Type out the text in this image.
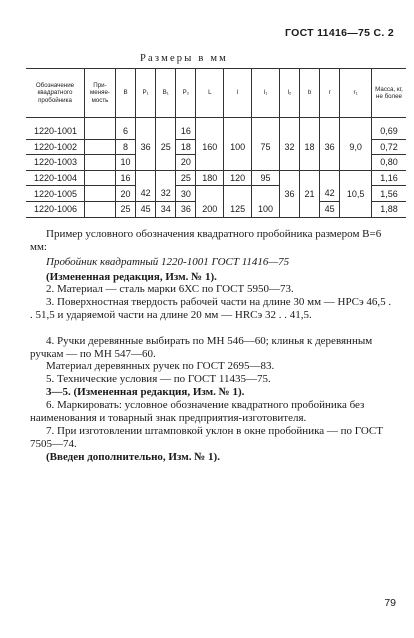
ГОСТ 11416—75 С. 2
Размеры в мм
Обозначение квадратного пробойника	При- меняе- мость	B	P₁	B₁	P₂	L	l	l₁	l₂	b	r	r₁	Масса, кг, не более
1220-1001		6			16								0,69
1220-1002		8	36	25	18	160	100	75	32	18	36	9,0	0,72
1220-1003		10			20								0,80
1220-1004		16			25	180	120	95					1,16
1220-1005		20	42	32	30				36	21	42	10,5	1,56
1220-1006		25	45	34	36	200	125	100			45		1,88
Пример условного обозначения квадратного пробойника размером B=6 мм:
Пробойник квадратный 1220-1001 ГОСТ 11416—75
(Измененная редакция, Изм. № 1).
2. Материал — сталь марки 6ХС по ГОСТ 5950—73.
3. Поверхностная твердость рабочей части на длине 30 мм — HPCэ 46,5 . . 51,5 и ударяемой части на длине 20 мм — HRCэ 32 . . 41,5.
4. Ручки деревянные выбирать по МН 546—60; клинья к деревянным ручкам — по МН 547—60.
Материал деревянных ручек по ГОСТ 2695—83.
5. Технические условия — по ГОСТ 11435—75.
3—5. (Измененная редакция, Изм. № 1).
6. Маркировать: условное обозначение квадратного пробойника без наименования и товарный знак предприятия-изготовителя.
7. При изготовлении штамповкой уклон в окне пробойника — по ГОСТ 7505—74.
(Введен дополнительно, Изм. № 1).
79
